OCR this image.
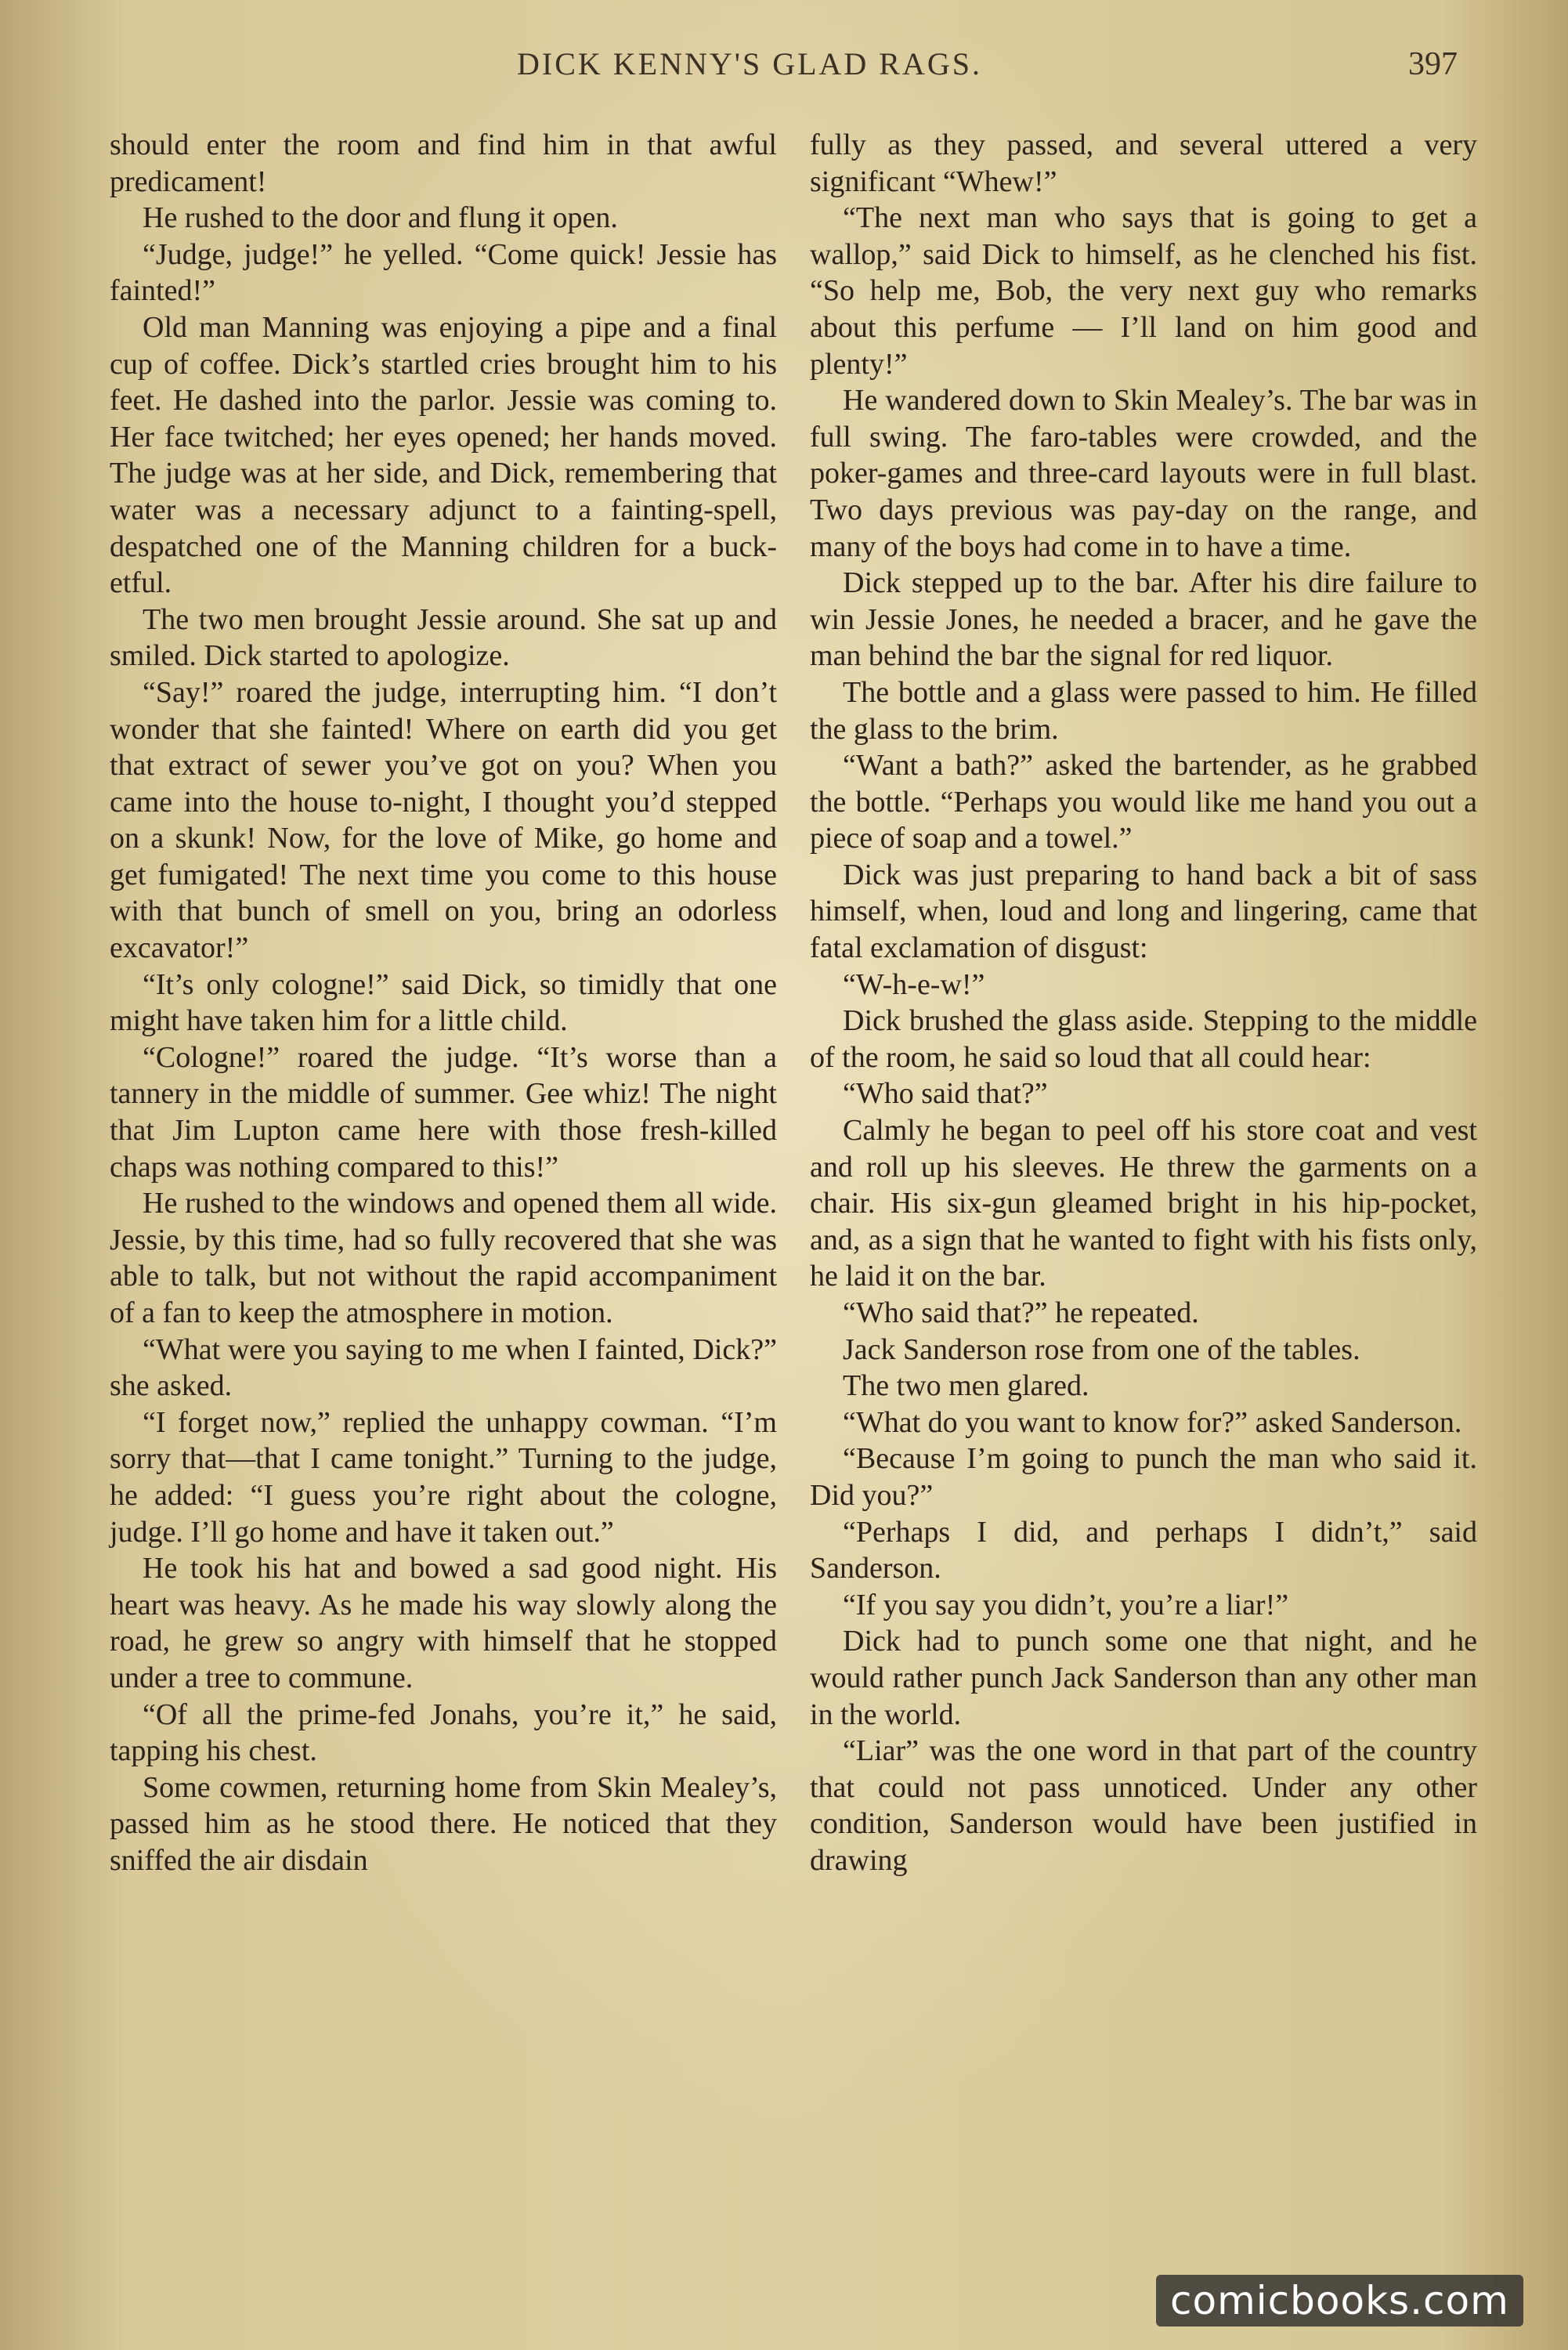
DICK KENNY'S GLAD RAGS.	397

should enter the room and find him in that awful predicament!

He rushed to the door and flung it open.

“Judge, judge!” he yelled. “Come quick! Jessie has fainted!”

Old man Manning was enjoying a pipe and a final cup of coffee. Dick’s startled cries brought him to his feet. He dashed into the parlor. Jessie was coming to. Her face twitched; her eyes opened; her hands moved. The judge was at her side, and Dick, remembering that water was a necessary adjunct to a fainting-spell, despatched one of the Manning children for a bucketful.

The two men brought Jessie around. She sat up and smiled. Dick started to apologize.

“Say!” roared the judge, interrupting him. “I don’t wonder that she fainted! Where on earth did you get that extract of sewer you’ve got on you? When you came into the house to-night, I thought you’d stepped on a skunk! Now, for the love of Mike, go home and get fumigated! The next time you come to this house with that bunch of smell on you, bring an odorless excavator!”

“It’s only cologne!” said Dick, so timidly that one might have taken him for a little child.

“Cologne!” roared the judge. “It’s worse than a tannery in the middle of summer. Gee whiz! The night that Jim Lupton came here with those fresh-killed chaps was nothing compared to this!”

He rushed to the windows and opened them all wide. Jessie, by this time, had so fully recovered that she was able to talk, but not without the rapid accompaniment of a fan to keep the atmosphere in motion.

“What were you saying to me when I fainted, Dick?” she asked.

“I forget now,” replied the unhappy cowman. “I’m sorry that—that I came tonight.” Turning to the judge, he added: “I guess you’re right about the cologne, judge. I’ll go home and have it taken out.”

He took his hat and bowed a sad good night. His heart was heavy. As he made his way slowly along the road, he grew so angry with himself that he stopped under a tree to commune.

“Of all the prime-fed Jonahs, you’re it,” he said, tapping his chest.

Some cowmen, returning home from Skin Mealey’s, passed him as he stood there. He noticed that they sniffed the air disdain

fully as they passed, and several uttered a very significant “Whew!”

“The next man who says that is going to get a wallop,” said Dick to himself, as he clenched his fist. “So help me, Bob, the very next guy who remarks about this perfume — I’ll land on him good and plenty!”

He wandered down to Skin Mealey’s. The bar was in full swing. The faro-tables were crowded, and the poker-games and three-card layouts were in full blast. Two days previous was pay-day on the range, and many of the boys had come in to have a time.

Dick stepped up to the bar. After his dire failure to win Jessie Jones, he needed a bracer, and he gave the man behind the bar the signal for red liquor.

The bottle and a glass were passed to him. He filled the glass to the brim.

“Want a bath?” asked the bartender, as he grabbed the bottle. “Perhaps you would like me hand you out a piece of soap and a towel.”

Dick was just preparing to hand back a bit of sass himself, when, loud and long and lingering, came that fatal exclamation of disgust:

“W-h-e-w!”

Dick brushed the glass aside. Stepping to the middle of the room, he said so loud that all could hear:

“Who said that?”

Calmly he began to peel off his store coat and vest and roll up his sleeves. He threw the garments on a chair. His six-gun gleamed bright in his hip-pocket, and, as a sign that he wanted to fight with his fists only, he laid it on the bar.

“Who said that?” he repeated.

Jack Sanderson rose from one of the tables.

The two men glared.

“What do you want to know for?” asked Sanderson.

“Because I’m going to punch the man who said it. Did you?”

“Perhaps I did, and perhaps I didn’t,” said Sanderson.

“If you say you didn’t, you’re a liar!”

Dick had to punch some one that night, and he would rather punch Jack Sanderson than any other man in the world.

“Liar” was the one word in that part of the country that could not pass unnoticed. Under any other condition, Sanderson would have been justified in drawing

comicbooks.com
